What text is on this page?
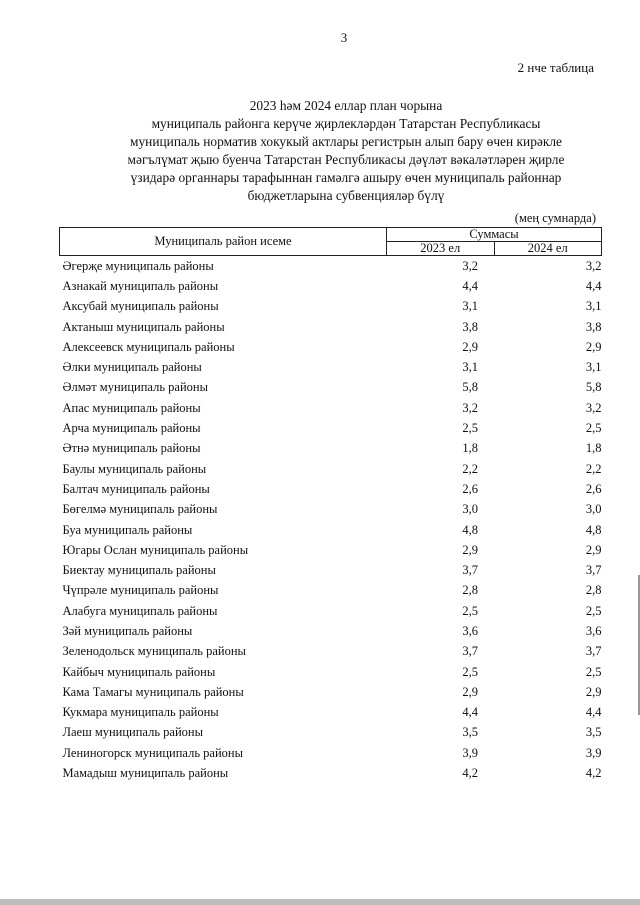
3
2 нче таблица
2023 һәм 2024 еллар план чорына
муниципаль районга керүче җирлекләрдән Татарстан Республикасы
муниципаль норматив хокукый актлары регистрын алып бару өчен кирәкле
мәгълүмат җыю буенча Татарстан Республикасы дәүләт вәкаләтләрен җирле
үзидарә органнары тарафыннан гамәлгә ашыру өчен муниципаль районнар
бюджетларына субвенцияләр бүлү
(мең сумнарда)
Муниципаль район исеме	Суммасы	
	2023 ел	2024 ел
Әгерҗе муниципаль районы	3,2	3,2
Азнакай муниципаль районы	4,4	4,4
Аксубай муниципаль районы	3,1	3,1
Актаныш муниципаль районы	3,8	3,8
Алексеевск муниципаль районы	2,9	2,9
Әлки муниципаль районы	3,1	3,1
Әлмәт муниципаль районы	5,8	5,8
Апас муниципаль районы	3,2	3,2
Арча муниципаль районы	2,5	2,5
Әтнә муниципаль районы	1,8	1,8
Баулы муниципаль районы	2,2	2,2
Балтач муниципаль районы	2,6	2,6
Бөгелмә муниципаль районы	3,0	3,0
Буа муниципаль районы	4,8	4,8
Югары Ослан муниципаль районы	2,9	2,9
Биектау муниципаль районы	3,7	3,7
Чүпрәле муниципаль районы	2,8	2,8
Алабуга муниципаль районы	2,5	2,5
Зәй муниципаль районы	3,6	3,6
Зеленодольск муниципаль районы	3,7	3,7
Кайбыч муниципаль районы	2,5	2,5
Кама Тамагы муниципаль районы	2,9	2,9
Кукмара муниципаль районы	4,4	4,4
Лаеш муниципаль районы	3,5	3,5
Лениногорск муниципаль районы	3,9	3,9
Мамадыш муниципаль районы	4,2	4,2
